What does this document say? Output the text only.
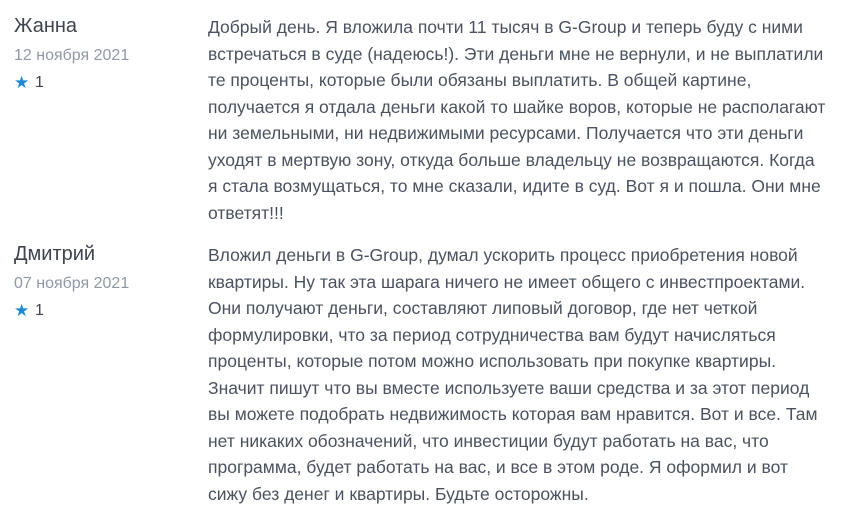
Жанна
12 ноября 2021
★ 1

Добрый день. Я вложила почти 11 тысяч в G-Group и теперь буду с ними встречаться в суде (надеюсь!). Эти деньги мне не вернули, и не выплатили те проценты, которые были обязаны выплатить. В общей картине, получается я отдала деньги какой то шайке воров, которые не располагают ни земельными, ни недвижимыми ресурсами. Получается что эти деньги уходят в мертвую зону, откуда больше владельцу не возвращаются. Когда я стала возмущаться, то мне сказали, идите в суд. Вот я и пошла. Они мне ответят!!!

Дмитрий
07 ноября 2021
★ 1

Вложил деньги в G-Group, думал ускорить процесс приобретения новой квартиры. Ну так эта шарага ничего не имеет общего с инвестпроектами. Они получают деньги, составляют липовый договор, где нет четкой формулировки, что за период сотрудничества вам будут начисляться проценты, которые потом можно использовать при покупке квартиры. Значит пишут что вы вместе используете ваши средства и за этот период вы можете подобрать недвижимость которая вам нравится. Вот и все. Там нет никаких обозначений, что инвестиции будут работать на вас, что программа, будет работать на вас, и все в этом роде. Я оформил и вот сижу без денег и квартиры. Будьте осторожны.
